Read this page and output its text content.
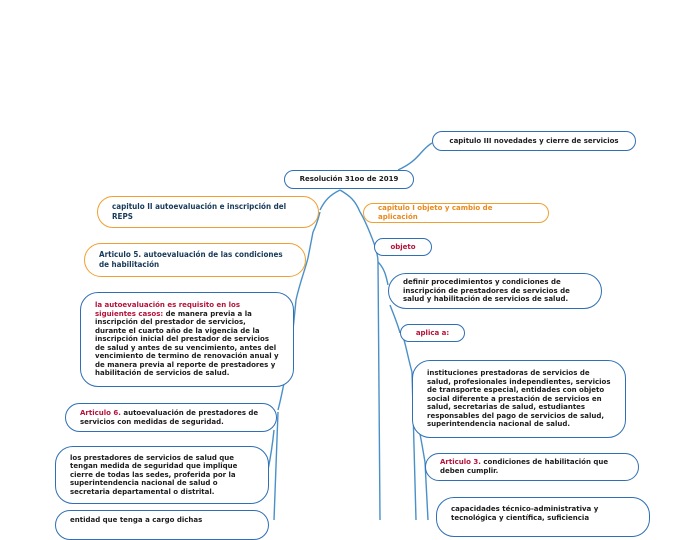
Resolución 31oo de 2019
capitulo III novedades y cierre de servicios
capitulo I objeto y cambio de aplicación
objeto
definir procedimientos y condiciones de inscripción de prestadores de servicios de salud y habilitación de servicios de salud.
aplica a:
instituciones prestadoras de servicios de salud, profesionales independientes, servicios de transporte especial, entidades con objeto social diferente a prestación de servicios en salud, secretarias de salud, estudiantes responsables del pago de servicios de salud, superintendencia nacional de salud.
Articulo 3. condiciones de habilitación que deben cumplir.
capacidades técnico-administrativa y tecnológica y científica, suficiencia
capitulo II autoevaluación e inscripción del REPS
Articulo 5. autoevaluación de las condiciones de habilitación
la autoevaluación es requisito en los siguientes casos: de manera previa a la inscripción del prestador de servicios, durante el cuarto año de la vigencia de la inscripción inicial del prestador de servicios de salud y antes de su vencimiento, antes del vencimiento de termino de renovación anual y de manera previa al reporte de prestadores y habilitación de servicios de salud.
Articulo 6. autoevaluación de prestadores de servicios con medidas de seguridad.
los prestadores de servicios de salud que tengan medida de seguridad que implique cierre de todas las sedes, proferida por la superintendencia nacional de salud o secretaria departamental o distrital.
entidad que tenga a cargo dichas
